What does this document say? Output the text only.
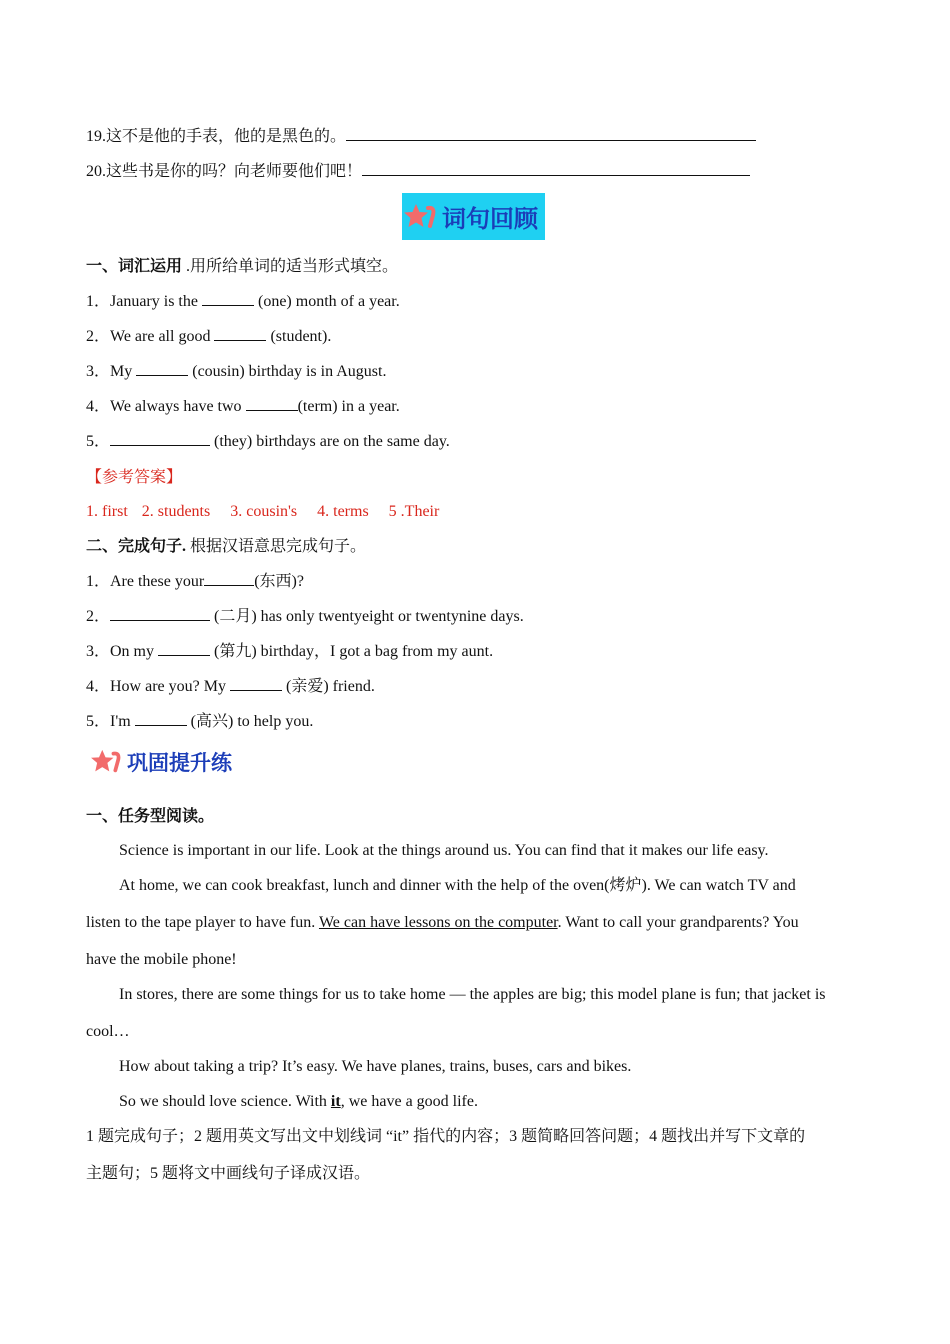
19.这不是他的手表，他的是黑色的。
20.这些书是你的吗？向老师要他们吧！
词句回顾
一、词汇运用 .用所给单词的适当形式填空。
1．January is the	(one) month of a year.
2．We are all good	(student).
3．My	(cousin) birthday is in August.
4．We always have two	(term) in a year.
5．	(they) birthdays are on the same day.
【参考答案】
1. first 2. students 3. cousin's 4. terms 5 .Their
二、完成句子. 根据汉语意思完成句子。
1．Are these your	(东西)?
2．	(二月) has only twentyeight or twentynine days.
3．On my	(第九) birthday，I got a bag from my aunt.
4．How are you? My	(亲爱) friend.
5．I'm	(高兴) to help you.
巩固提升练
一、任务型阅读。
Science is important in our life. Look at the things around us. You can find that it makes our life easy.
At home, we can cook breakfast, lunch and dinner with the help of the oven(烤炉). We can watch TV and
listen to the tape player to have fun. We can have lessons on the computer. Want to call your grandparents? You
have the mobile phone!
In stores, there are some things for us to take home — the apples are big; this model plane is fun; that jacket is
cool…
How about taking a trip? It’s easy. We have planes, trains, buses, cars and bikes.
So we should love science. With it, we have a good life.
1 题完成句子；2 题用英文写出文中划线词 “it” 指代的内容；3 题简略回答问题；4 题找出并写下文章的
主题句；5 题将文中画线句子译成汉语。
